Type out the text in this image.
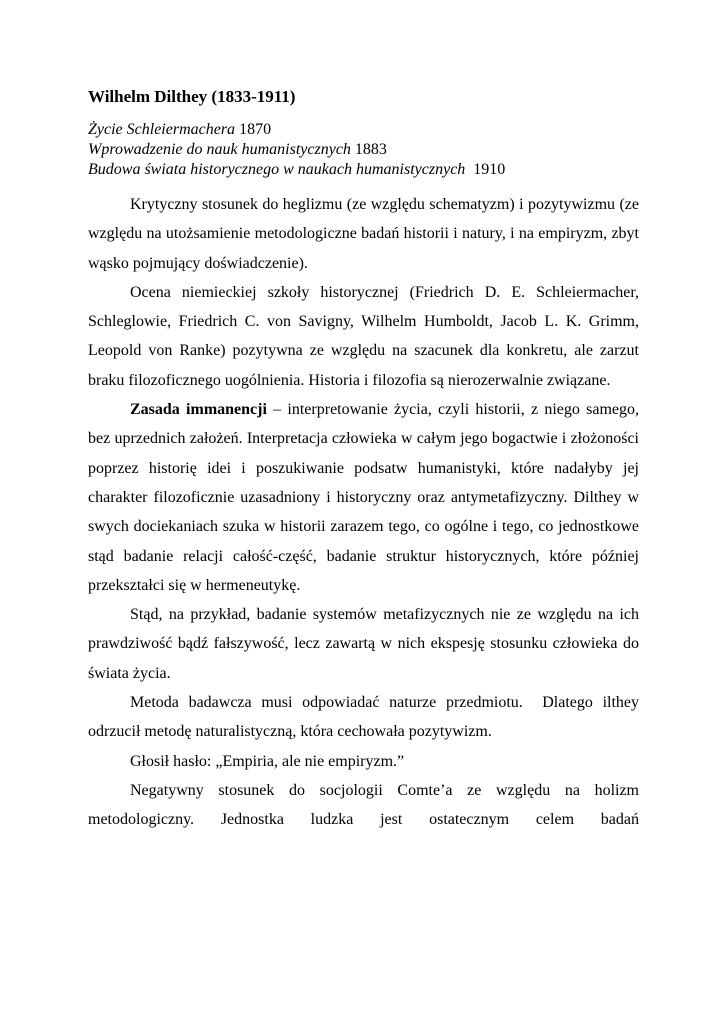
Wilhelm Dilthey (1833-1911)
Życie Schleiermachera 1870
Wprowadzenie do nauk humanistycznych 1883
Budowa świata historycznego w naukach humanistycznych  1910

Krytyczny stosunek do heglizmu (ze względu schematyzm) i pozytywizmu (ze względu na utożsamienie metodologiczne badań historii i natury, i na empiryzm, zbyt wąsko pojmujący doświadczenie).

Ocena niemieckiej szkoły historycznej (Friedrich D. E. Schleiermacher, Schleglowie, Friedrich C. von Savigny, Wilhelm Humboldt, Jacob L. K. Grimm, Leopold von Ranke) pozytywna ze względu na szacunek dla konkretu, ale zarzut braku filozoficznego uogólnienia. Historia i filozofia są nierozerwalnie związane.

Zasada immanencji – interpretowanie życia, czyli historii, z niego samego, bez uprzednich założeń. Interpretacja człowieka w całym jego bogactwie i złożoności poprzez historię idei i poszukiwanie podsatw humanistyki, które nadałyby jej charakter filozoficznie uzasadniony i historyczny oraz antymetafizyczny. Dilthey w swych dociekaniach szuka w historii zarazem tego, co ogólne i tego, co jednostkowe stąd badanie relacji całość-część, badanie struktur historycznych, które później przekształci się w hermeneutykę.

Stąd, na przykład, badanie systemów metafizycznych nie ze względu na ich prawdziwość bądź fałszywość, lecz zawartą w nich ekspesję stosunku człowieka do świata życia.

Metoda badawcza musi odpowiadać naturze przedmiotu.  Dlatego ilthey odrzucił metodę naturalistyczną, która cechowała pozytywizm.

Głosił hasło: „Empiria, ale nie empiryzm.”

Negatywny stosunek do socjologii Comte’a ze względu na holizm metodologiczny. Jednostka ludzka jest ostatecznym celem badań
